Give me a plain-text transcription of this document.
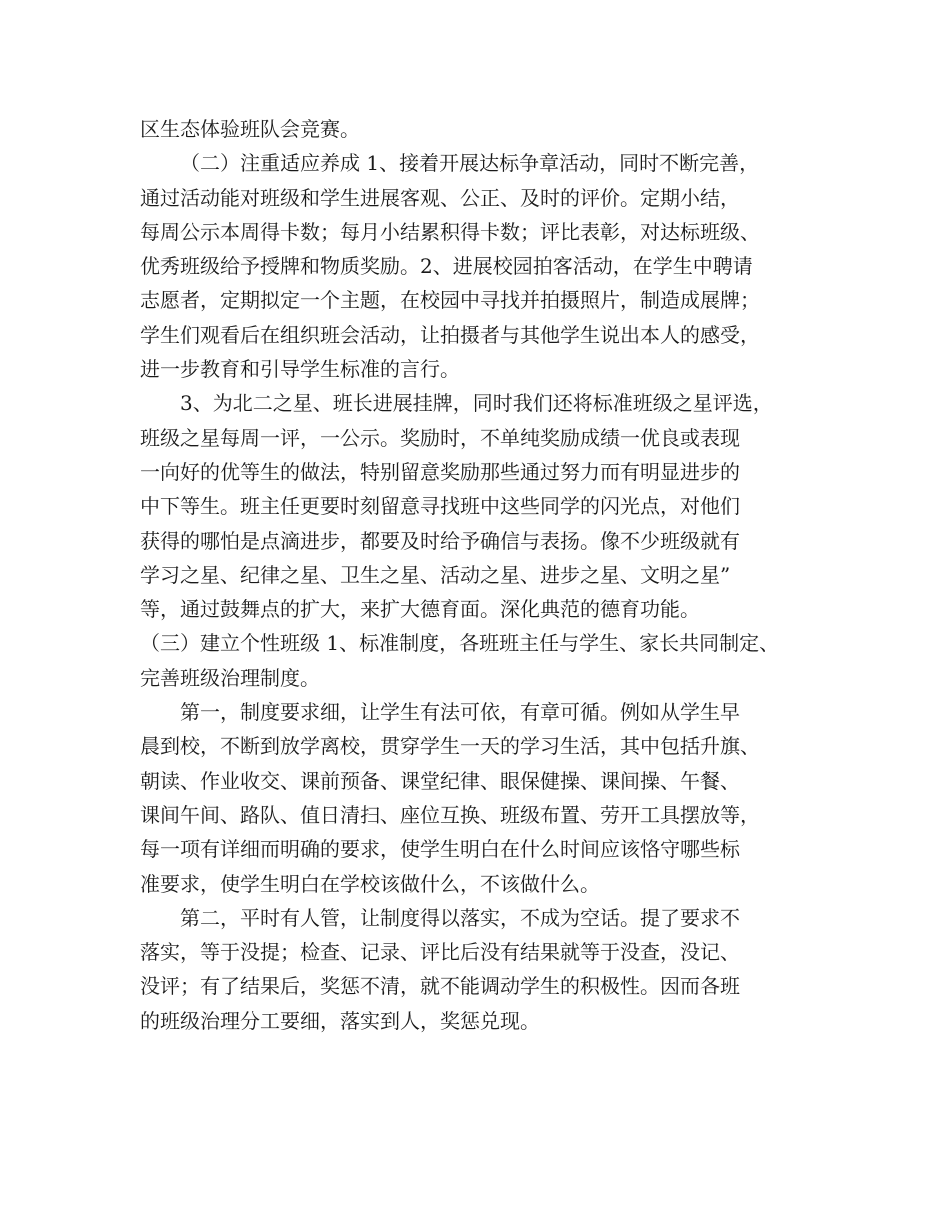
区生态体验班队会竞赛。
（二）注重适应养成 1、接着开展达标争章活动，同时不断完善，
通过活动能对班级和学生进展客观、公正、及时的评价。定期小结，
每周公示本周得卡数；每月小结累积得卡数；评比表彰，对达标班级、
优秀班级给予授牌和物质奖励。2、进展校园拍客活动，在学生中聘请
志愿者，定期拟定一个主题，在校园中寻找并拍摄照片，制造成展牌；
学生们观看后在组织班会活动，让拍摄者与其他学生说出本人的感受，
进一步教育和引导学生标准的言行。
3、为北二之星、班长进展挂牌，同时我们还将标准班级之星评选，
班级之星每周一评，一公示。奖励时，不单纯奖励成绩一优良或表现
一向好的优等生的做法，特别留意奖励那些通过努力而有明显进步的
中下等生。班主任更要时刻留意寻找班中这些同学的闪光点，对他们
获得的哪怕是点滴进步，都要及时给予确信与表扬。像不少班级就有
学习之星、纪律之星、卫生之星、活动之星、进步之星、文明之星”
等，通过鼓舞点的扩大，来扩大德育面。深化典范的德育功能。
（三）建立个性班级 1、标准制度，各班班主任与学生、家长共同制定、
完善班级治理制度。
第一，制度要求细，让学生有法可依，有章可循。例如从学生早
晨到校，不断到放学离校，贯穿学生一天的学习生活，其中包括升旗、
朝读、作业收交、课前预备、课堂纪律、眼保健操、课间操、午餐、
课间午间、路队、值日清扫、座位互换、班级布置、劳开工具摆放等，
每一项有详细而明确的要求，使学生明白在什么时间应该恪守哪些标
准要求，使学生明白在学校该做什么，不该做什么。
第二，平时有人管，让制度得以落实，不成为空话。提了要求不
落实，等于没提；检查、记录、评比后没有结果就等于没查，没记、
没评；有了结果后，奖惩不清，就不能调动学生的积极性。因而各班
的班级治理分工要细，落实到人，奖惩兑现。
